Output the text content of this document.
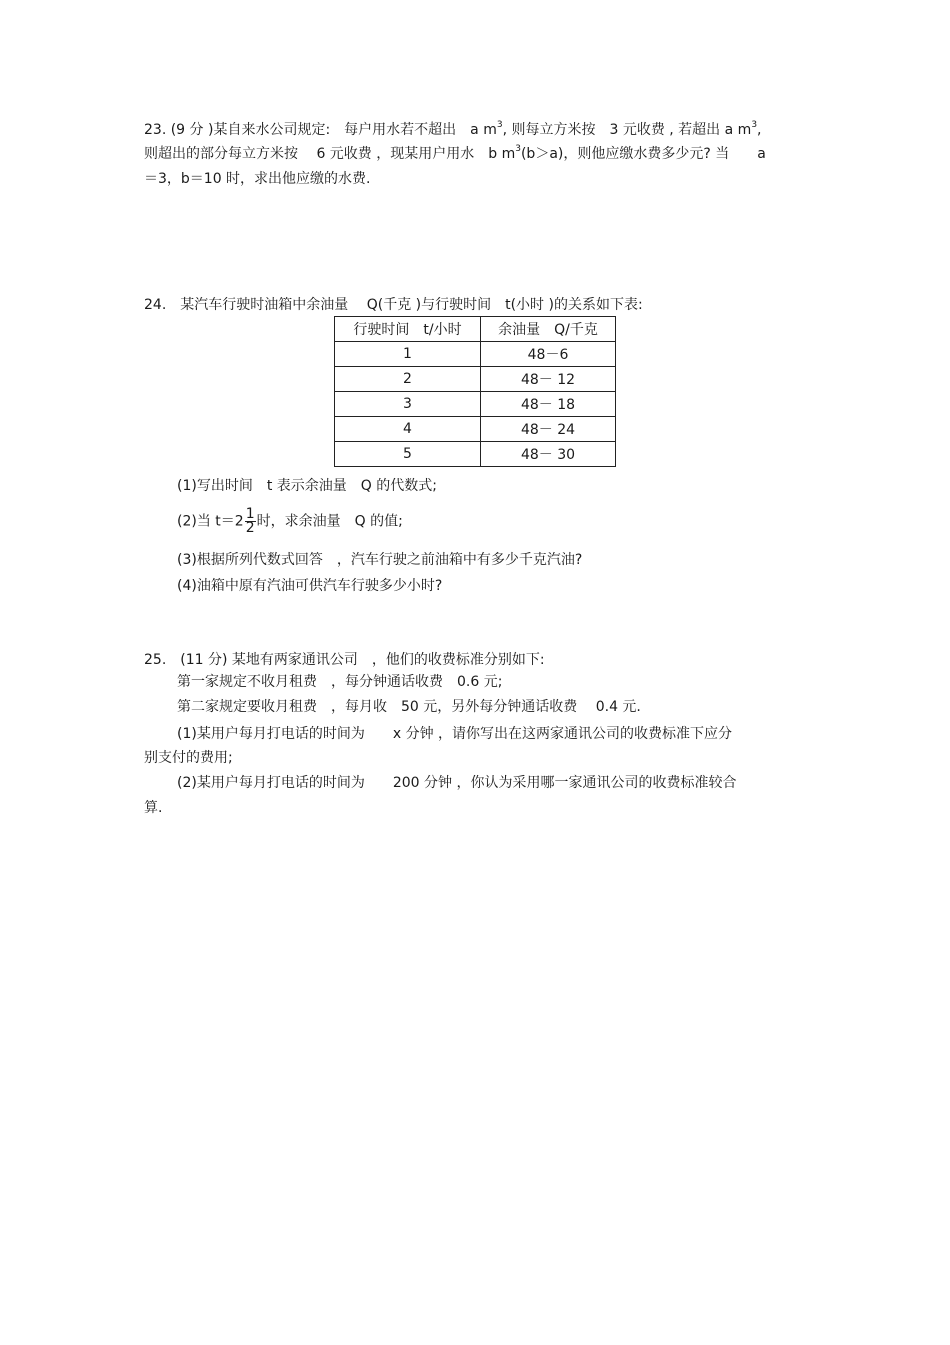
23. (9 分 )某自来水公司规定:　每户用水若不超出　a $m^3$, 则每立方米按　3 元收费 , 若超出 a $m^3$,
则超出的部分每立方米按　 6 元收费 ，现某用户用水　b $m^3(b>a)$，则他应缴水费多少元? 当　　a
＝3，b＝10 时，求出他应缴的水费.
24.　某汽车行驶时油箱中余油量　 Q(千克 )与行驶时间　t(小时 )的关系如下表:
行驶时间　t/小时	余油量　Q/千克
1	48－6
2	48－ 12
3	48－ 18
4	48－ 24
5	48－ 30
(1)写出时间　t 表示余油量　Q 的代数式;
(2)当 $t=2 \frac{1}{2}$ 时，求余油量　Q 的值;
(3)根据所列代数式回答　，汽车行驶之前油箱中有多少千克汽油?
(4)油箱中原有汽油可供汽车行驶多少小时?
25.　(11 分) 某地有两家通讯公司　，他们的收费标准分别如下:
第一家规定不收月租费　，每分钟通话收费　0.6 元;
第二家规定要收月租费　，每月收　50 元，另外每分钟通话收费　 0.4 元.
(1)某用户每月打电话的时间为　　x 分钟 ，请你写出在这两家通讯公司的收费标准下应分
别支付的费用;
(2)某用户每月打电话的时间为　　200 分钟 ，你认为采用哪一家通讯公司的收费标准较合
算.
